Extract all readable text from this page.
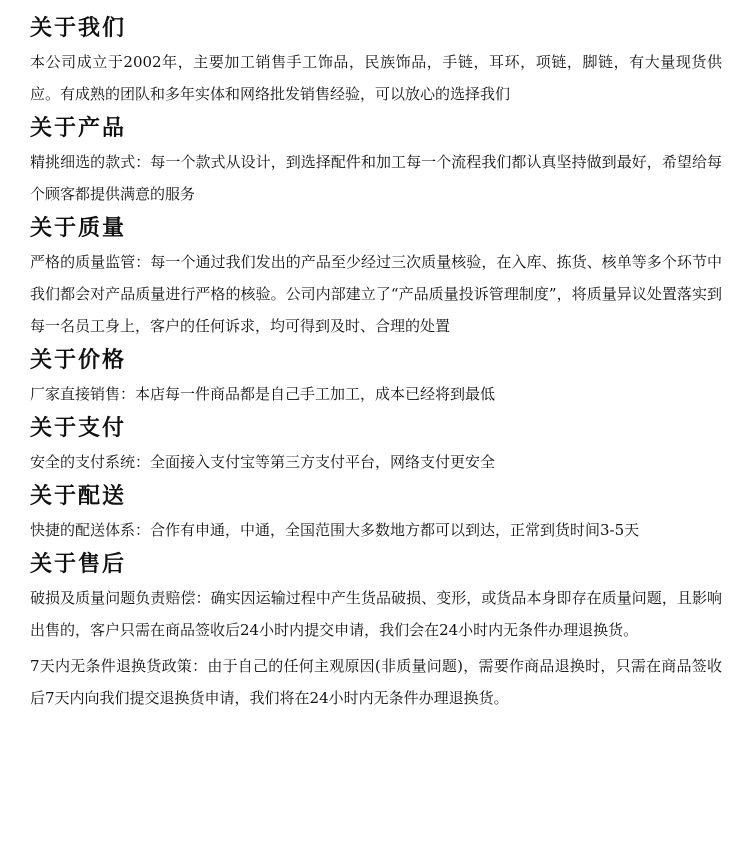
关于我们

本公司成立于2002年，主要加工销售手工饰品，民族饰品，手链，耳环，项链，脚链，有大量现货供应。有成熟的团队和多年实体和网络批发销售经验，可以放心的选择我们

关于产品

精挑细选的款式：每一个款式从设计，到选择配件和加工每一个流程我们都认真坚持做到最好，希望给每个顾客都提供满意的服务

关于质量

严格的质量监管：每一个通过我们发出的产品至少经过三次质量核验，在入库、拣货、核单等多个环节中我们都会对产品质量进行严格的核验。公司内部建立了“产品质量投诉管理制度”，将质量异议处置落实到每一名员工身上，客户的任何诉求，均可得到及时、合理的处置

关于价格

厂家直接销售：本店每一件商品都是自己手工加工，成本已经将到最低

关于支付

安全的支付系统：全面接入支付宝等第三方支付平台，网络支付更安全

关于配送

快捷的配送体系：合作有申通，中通，全国范围大多数地方都可以到达，正常到货时间3-5天

关于售后

破损及质量问题负责赔偿：确实因运输过程中产生货品破损、变形，或货品本身即存在质量问题，且影响出售的，客户只需在商品签收后24小时内提交申请，我们会在24小时内无条件办理退换货。

7天内无条件退换货政策：由于自己的任何主观原因(非质量问题)，需要作商品退换时，只需在商品签收后7天内向我们提交退换货申请，我们将在24小时内无条件办理退换货。
